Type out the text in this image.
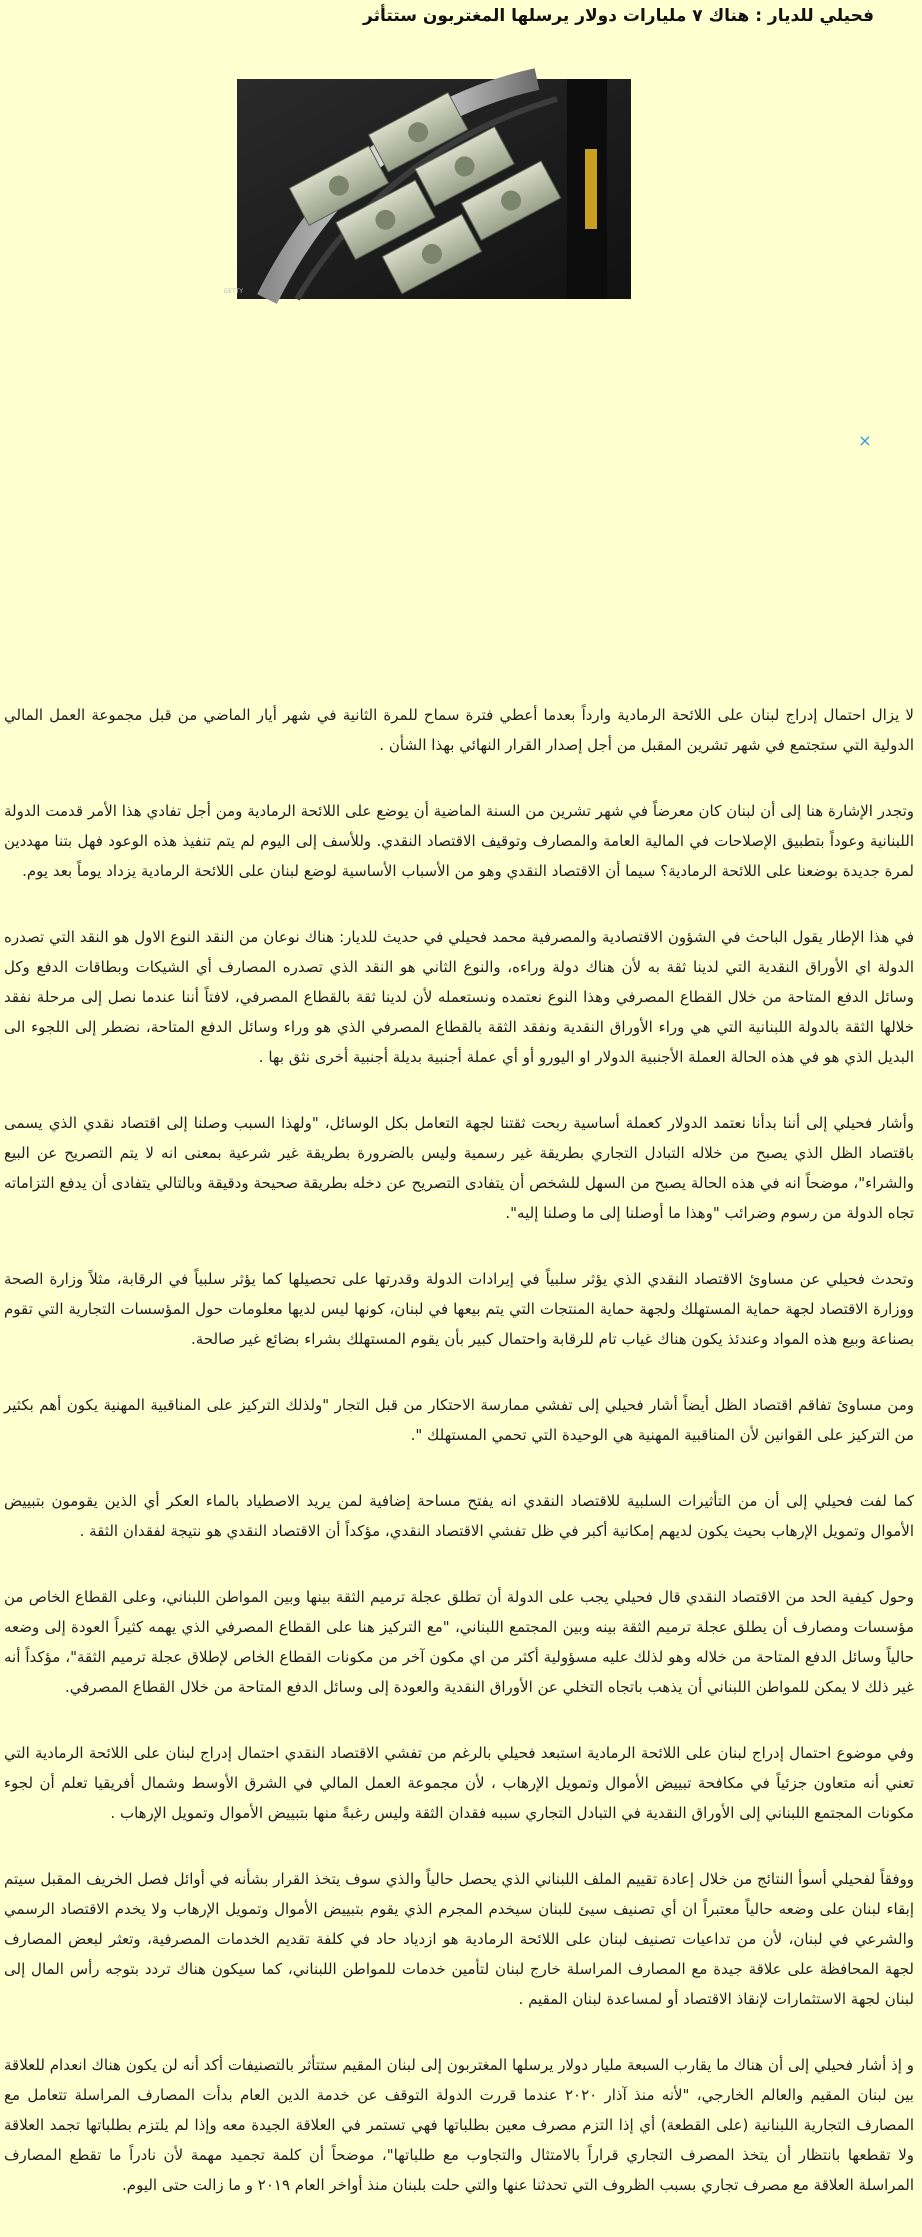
فحيلي للديار : هناك ٧ مليارات دولار يرسلها المغتربون ستتأثر
GETTY
×

لا يزال احتمال إدراج لبنان على اللائحة الرمادية وارداً بعدما أعطي فترة سماح للمرة الثانية في شهر أيار الماضي من قبل مجموعة العمل المالي الدولية التي ستجتمع في شهر تشرين المقبل من أجل إصدار القرار النهائي بهذا الشأن .

وتجدر الإشارة هنا إلى أن لبنان كان معرضاً في شهر تشرين من السنة الماضية أن يوضع على اللائحة الرمادية ومن أجل تفادي هذا الأمر قدمت الدولة اللبنانية وعوداً بتطبيق الإصلاحات في المالية العامة والمصارف وتوقيف الاقتصاد النقدي. وللأسف إلى اليوم لم يتم تنفيذ هذه الوعود فهل بتنا مهددين لمرة جديدة بوضعنا على اللائحة الرمادية؟ سيما أن الاقتصاد النقدي وهو من الأسباب الأساسية لوضع لبنان على اللائحة الرمادية يزداد يوماً بعد يوم.

في هذا الإطار يقول الباحث في الشؤون الاقتصادية والمصرفية محمد فحيلي في حديث للديار: هناك نوعان من النقد النوع الاول هو النقد التي تصدره الدولة اي الأوراق النقدية التي لدينا ثقة به لأن هناك دولة وراءه، والنوع الثاني هو النقد الذي تصدره المصارف أي الشيكات وبطاقات الدفع وكل وسائل الدفع المتاحة من خلال القطاع المصرفي وهذا النوع نعتمده ونستعمله لأن لدينا ثقة بالقطاع المصرفي، لافتاً أننا عندما نصل إلى مرحلة نفقد خلالها الثقة بالدولة اللبنانية التي هي وراء الأوراق النقدية ونفقد الثقة بالقطاع المصرفي الذي هو وراء وسائل الدفع المتاحة، نضطر إلى اللجوء الى البديل الذي هو في هذه الحالة العملة الأجنبية الدولار او اليورو أو أي عملة أجنبية بديلة أجنبية أخرى نثق بها .

وأشار فحيلي إلى أننا بدأنا نعتمد الدولار كعملة أساسية ربحت ثقتنا لجهة التعامل بكل الوسائل، "ولهذا السبب وصلنا إلى اقتصاد نقدي الذي يسمى باقتصاد الظل الذي يصبح من خلاله التبادل التجاري بطريقة غير رسمية وليس بالضرورة بطريقة غير شرعية بمعنى انه لا يتم التصريح عن البيع والشراء"، موضحاً انه في هذه الحالة يصبح من السهل للشخص أن يتفادى التصريح عن دخله بطريقة صحيحة ودقيقة وبالتالي يتفادى أن يدفع التزاماته تجاه الدولة من رسوم وضرائب "وهذا ما أوصلنا إلى ما وصلنا إليه".

وتحدث فحيلي عن مساوئ الاقتصاد النقدي الذي يؤثر سلبياً في إيرادات الدولة وقدرتها على تحصيلها كما يؤثر سلبياً في الرقابة، مثلاً وزارة الصحة ووزارة الاقتصاد لجهة حماية المستهلك ولجهة حماية المنتجات التي يتم بيعها في لبنان، كونها ليس لديها معلومات حول المؤسسات التجارية التي تقوم بصناعة وبيع هذه المواد وعندئذ يكون هناك غياب تام للرقابة واحتمال كبير بأن يقوم المستهلك بشراء بضائع غير صالحة.

ومن مساوئ تفاقم اقتصاد الظل أيضاً أشار فحيلي إلى تفشي ممارسة الاحتكار من قبل التجار "ولذلك التركيز على المناقبية المهنية يكون أهم بكثير من التركيز على القوانين لأن المناقبية المهنية هي الوحيدة التي تحمي المستهلك ".

كما لفت فحيلي إلى أن من التأثيرات السلبية للاقتصاد النقدي انه يفتح مساحة إضافية لمن يريد الاصطياد بالماء العكر أي الذين يقومون بتبييض الأموال وتمويل الإرهاب بحيث يكون لديهم إمكانية أكبر في ظل تفشي الاقتصاد النقدي، مؤكداً أن الاقتصاد النقدي هو نتيجة لفقدان الثقة .

وحول كيفية الحد من الاقتصاد النقدي قال فحيلي يجب على الدولة أن تطلق عجلة ترميم الثقة بينها وبين المواطن اللبناني، وعلى القطاع الخاص من مؤسسات ومصارف أن يطلق عجلة ترميم الثقة بينه وبين المجتمع اللبناني، "مع التركيز هنا على القطاع المصرفي الذي يهمه كثيراً العودة إلى وضعه حالياً وسائل الدفع المتاحة من خلاله وهو لذلك عليه مسؤولية أكثر من اي مكون آخر من مكونات القطاع الخاص لإطلاق عجلة ترميم الثقة"، مؤكداً أنه غير ذلك لا يمكن للمواطن اللبناني أن يذهب باتجاه التخلي عن الأوراق النقدية والعودة إلى وسائل الدفع المتاحة من خلال القطاع المصرفي.

وفي موضوع احتمال إدراج لبنان على اللائحة الرمادية استبعد فحيلي بالرغم من تفشي الاقتصاد النقدي احتمال إدراج لبنان على اللائحة الرمادية التي تعني أنه متعاون جزئياً في مكافحة تبييض الأموال وتمويل الإرهاب ، لأن مجموعة العمل المالي في الشرق الأوسط وشمال أفريقيا تعلم أن لجوء مكونات المجتمع اللبناني إلى الأوراق النقدية في التبادل التجاري سببه فقدان الثقة وليس رغبةً منها بتبييض الأموال وتمويل الإرهاب .

ووفقاً لفحيلي أسوأ النتائج من خلال إعادة تقييم الملف اللبناني الذي يحصل حالياً والذي سوف يتخذ القرار بشأنه في أوائل فصل الخريف المقبل سيتم إبقاء لبنان على وضعه حالياً معتبراً ان أي تصنيف سيئ للبنان سيخدم المجرم الذي يقوم بتبييض الأموال وتمويل الإرهاب ولا يخدم الاقتصاد الرسمي والشرعي في لبنان، لأن من تداعيات تصنيف لبنان على اللائحة الرمادية هو ازدياد حاد في كلفة تقديم الخدمات المصرفية، وتعثر لبعض المصارف لجهة المحافظة على علاقة جيدة مع المصارف المراسلة خارج لبنان لتأمين خدمات للمواطن اللبناني، كما سيكون هناك تردد بتوجه رأس المال إلى لبنان لجهة الاستثمارات لإنقاذ الاقتصاد أو لمساعدة لبنان المقيم .

و إذ أشار فحيلي إلى أن هناك ما يقارب السبعة مليار دولار يرسلها المغتربون إلى لبنان المقيم ستتأثر بالتصنيفات أكد أنه لن يكون هناك انعدام للعلاقة بين لبنان المقيم والعالم الخارجي، "لأنه منذ آذار ٢٠٢٠ عندما قررت الدولة التوقف عن خدمة الدين العام بدأت المصارف المراسلة تتعامل مع المصارف التجارية اللبنانية (على القطعة) أي إذا التزم مصرف معين بطلباتها فهي تستمر في العلاقة الجيدة معه وإذا لم يلتزم بطلباتها تجمد العلاقة ولا تقطعها بانتظار أن يتخذ المصرف التجاري قراراً بالامتثال والتجاوب مع طلباتها"، موضحاً أن كلمة تجميد مهمة لأن نادراً ما تقطع المصارف المراسلة العلاقة مع مصرف تجاري بسبب الظروف التي تحدثنا عنها والتي حلت بلبنان منذ أواخر العام ٢٠١٩ و ما زالت حتى اليوم.
